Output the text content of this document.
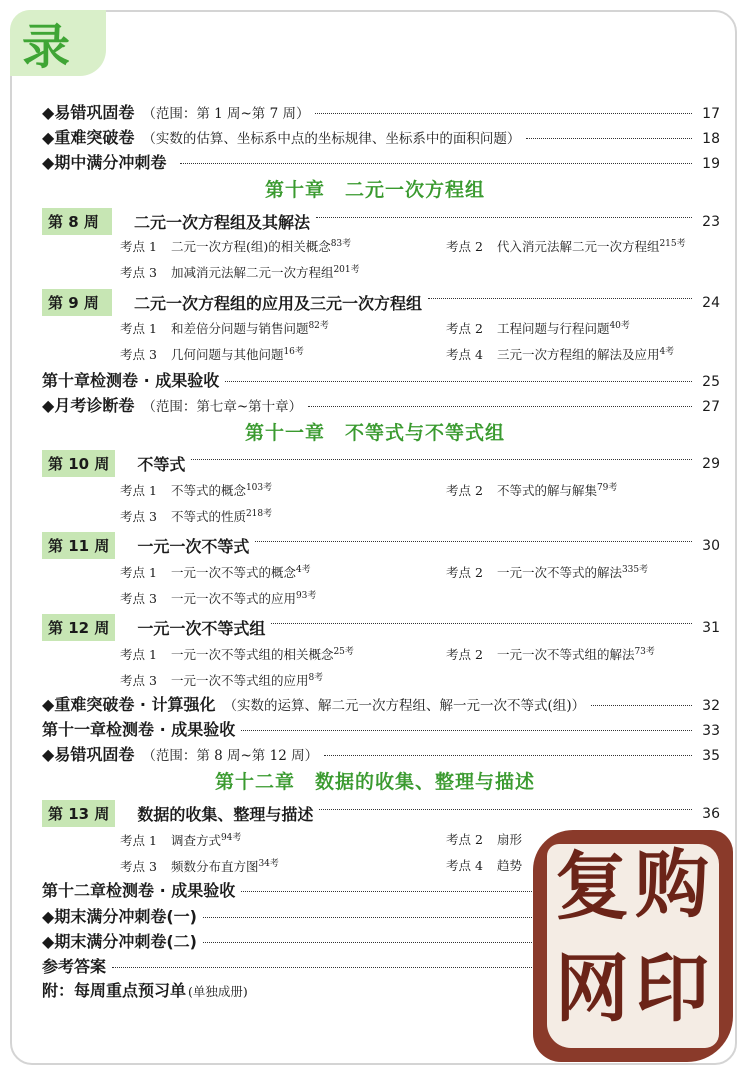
录
◆ 易错巩固卷 （范围：第 1 周~第 7 周）	17
◆ 重难突破卷 （实数的估算、坐标系中点的坐标规律、坐标系中的面积问题）	18
◆ 期中满分冲刺卷	19
第十章 二元一次方程组
第 8 周	二元一次方程组及其解法	23
考点 1 二元一次方程(组)的相关概念$^{83考}$	考点 2 代入消元法解二元一次方程组$^{215考}$
考点 3 加减消元法解二元一次方程组$^{201考}$
第 9 周	二元一次方程组的应用及三元一次方程组	24
考点 1 和差倍分问题与销售问题$^{82考}$	考点 2 工程问题与行程问题$^{40考}$
考点 3 几何问题与其他问题$^{16考}$	考点 4 三元一次方程组的解法及应用$^{4考}$
第十章检测卷 · 成果验收	25
◆ 月考诊断卷 （范围：第七章~第十章）	27
第十一章 不等式与不等式组
第 10 周	不等式	29
考点 1 不等式的概念$^{103考}$	考点 2 不等式的解与解集$^{79考}$
考点 3 不等式的性质$^{218考}$
第 11 周	一元一次不等式	30
考点 1 一元一次不等式的概念$^{4考}$	考点 2 一元一次不等式的解法$^{335考}$
考点 3 一元一次不等式的应用$^{93考}$
第 12 周	一元一次不等式组	31
考点 1 一元一次不等式组的相关概念$^{25考}$	考点 2 一元一次不等式组的解法$^{73考}$
考点 3 一元一次不等式组的应用$^{8考}$
◆ 重难突破卷 · 计算强化 （实数的运算、解二元一次方程组、解一元一次不等式(组)）	32
第十一章检测卷 · 成果验收	33
◆ 易错巩固卷 （范围：第 8 周~第 12 周）	35
第十二章 数据的收集、整理与描述
第 13 周	数据的收集、整理与描述	36
考点 1 调查方式$^{94考}$	考点 2 扇形
考点 3 频数分布直方图$^{34考}$	考点 4 趋势
第十二章检测卷 · 成果验收
◆ 期末满分冲刺卷(一)
◆ 期末满分冲刺卷(二)
参考答案
附： 每周重点预习单 (单独成册)
复 购
网 印
